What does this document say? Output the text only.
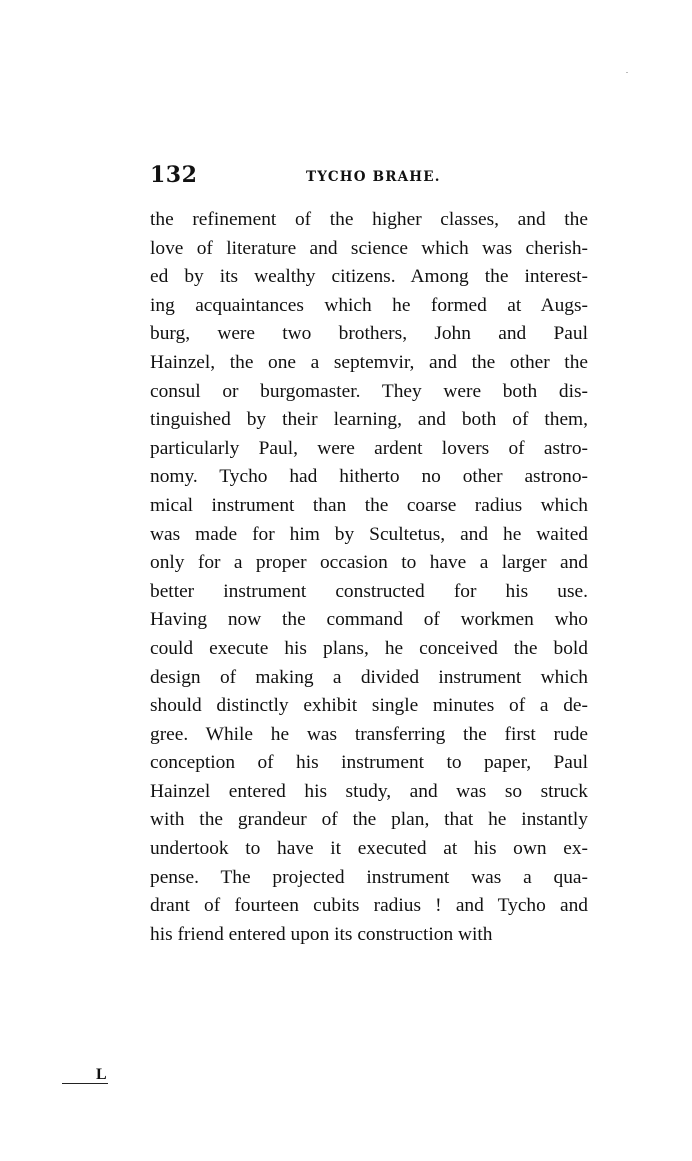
132	TYCHO BRAHE.
the refinement of the higher classes, and the
love of literature and science which was cherish-
ed by its wealthy citizens. Among the interest-
ing acquaintances which he formed at Augs-
burg, were two brothers, John and Paul
Hainzel, the one a septemvir, and the other the
consul or burgomaster. They were both dis-
tinguished by their learning, and both of them,
particularly Paul, were ardent lovers of astro-
nomy. Tycho had hitherto no other astrono-
mical instrument than the coarse radius which
was made for him by Scultetus, and he waited
only for a proper occasion to have a larger and
better instrument constructed for his use.
Having now the command of workmen who
could execute his plans, he conceived the bold
design of making a divided instrument which
should distinctly exhibit single minutes of a de-
gree. While he was transferring the first rude
conception of his instrument to paper, Paul
Hainzel entered his study, and was so struck
with the grandeur of the plan, that he instantly
undertook to have it executed at his own ex-
pense. The projected instrument was a qua-
drant of fourteen cubits radius ! and Tycho and
his friend entered upon its construction with
L
